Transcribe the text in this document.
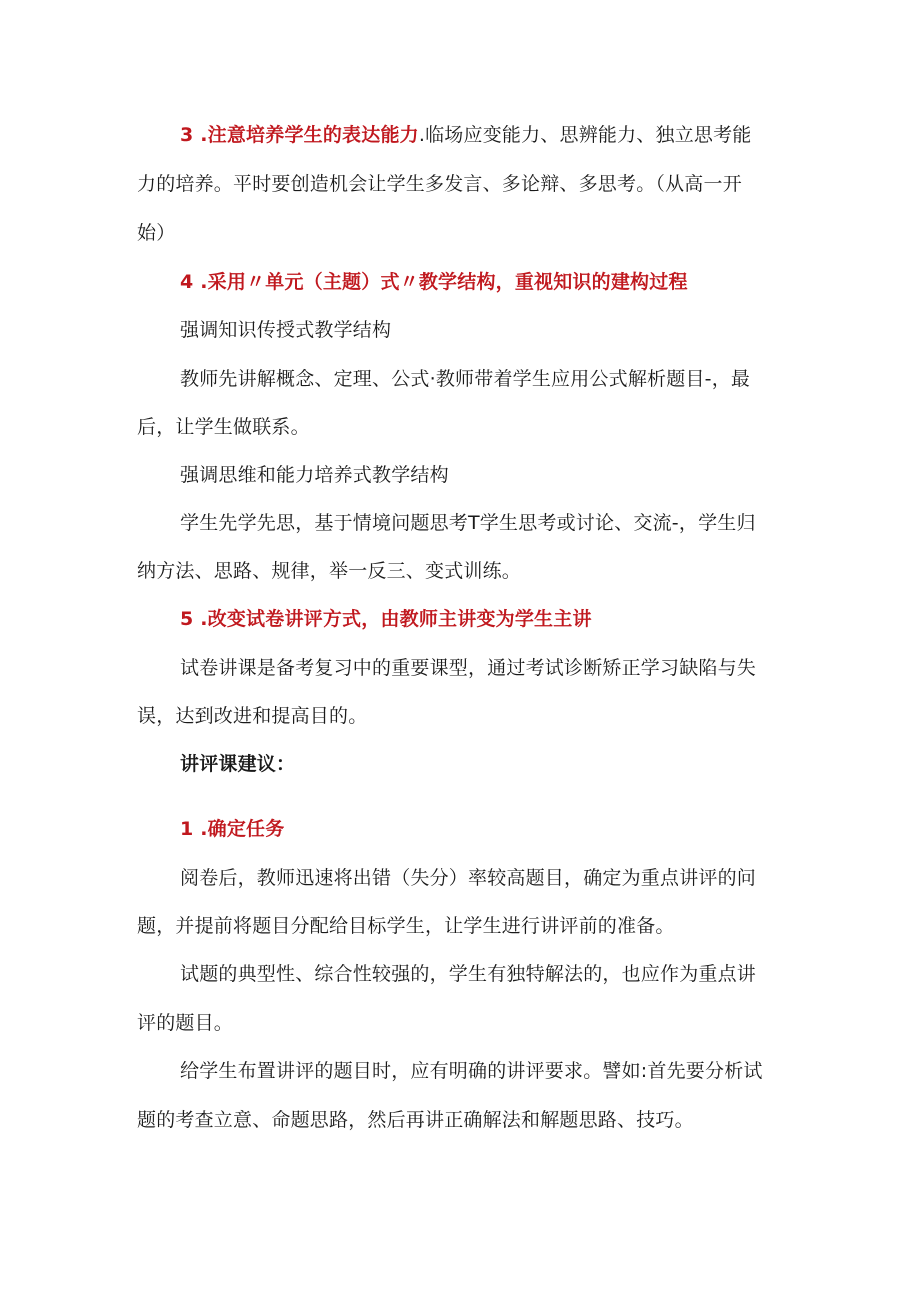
3 .注意培养学生的表达能力.临场应变能力、思辨能力、独立思考能
力的培养。平时要创造机会让学生多发言、多论辩、多思考。（从高一开
始）
4 .采用〃单元（主题）式〃教学结构，重视知识的建构过程
强调知识传授式教学结构
教师先讲解概念、定理、公式·教师带着学生应用公式解析题目-，最
后，让学生做联系。
强调思维和能力培养式教学结构
学生先学先思，基于情境问题思考T学生思考或讨论、交流-，学生归
纳方法、思路、规律，举一反三、变式训练。
5 .改变试卷讲评方式，由教师主讲变为学生主讲
试卷讲课是备考复习中的重要课型，通过考试诊断矫正学习缺陷与失
误，达到改进和提高目的。
讲评课建议：
1 .确定任务
阅卷后，教师迅速将出错（失分）率较高题目，确定为重点讲评的问
题，并提前将题目分配给目标学生，让学生进行讲评前的准备。
试题的典型性、综合性较强的，学生有独特解法的，也应作为重点讲
评的题目。
给学生布置讲评的题目时，应有明确的讲评要求。譬如:首先要分析试
题的考查立意、命题思路，然后再讲正确解法和解题思路、技巧。
